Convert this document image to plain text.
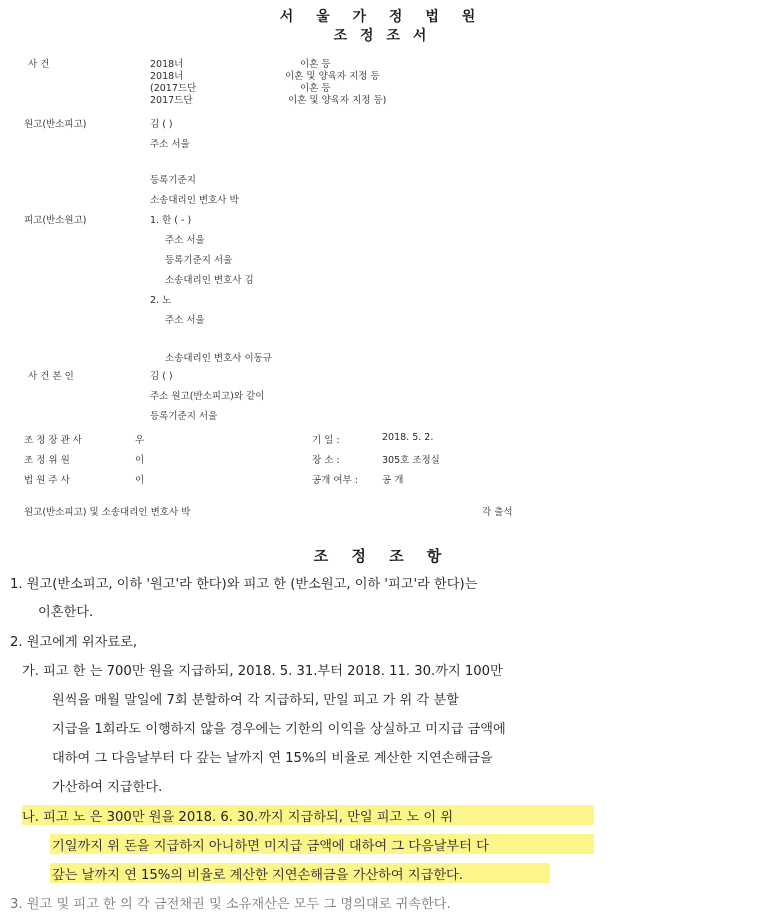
서 울 가 정 법 원
조 정 조 서
사 건	2018너	이혼 등
2018너	이혼 및 양육자 지정 등
(2017드단	이혼 등
2017드단	이혼 및 양육자 지정 등)
원고(반소피고)	김 ( )
주소 서울
등록기준지
소송대리인 변호사 박
피고(반소원고)	1. 한 ( - )
주소 서울
등록기준지 서울
소송대리인 변호사 김
2. 노
주소 서울
소송대리인 변호사 이동규
사 건 본 인	김 ( )
주소 원고(반소피고)와 같이
등록기준지 서울
조 정 장 관 사	우	기 일 :	2018. 5. 2.
조 정 위 원	이	장 소 :	305호 조정실
법 원 주 사	이	공개 여부 :	공 개
원고(반소피고) 및 소송대리인 변호사 박	각 출석
조 정 조 항
1. 원고(반소피고, 이하 '원고'라 한다)와 피고 한 (반소원고, 이하 '피고'라 한다)는
이혼한다.
2. 원고에게 위자료로,
가. 피고 한 는 700만 원을 지급하되, 2018. 5. 31.부터 2018. 11. 30.까지 100만
원씩을 매월 말일에 7회 분할하여 각 지급하되, 만일 피고 가 위 각 분할
지급을 1회라도 이행하지 않을 경우에는 기한의 이익을 상실하고 미지급 금액에
대하여 그 다음날부터 다 갚는 날까지 연 15%의 비율로 계산한 지연손해금을
가산하여 지급한다.
나. 피고 노 은 300만 원을 2018. 6. 30.까지 지급하되, 만일 피고 노 이 위
기일까지 위 돈을 지급하지 아니하면 미지급 금액에 대하여 그 다음날부터 다
갚는 날까지 연 15%의 비율로 계산한 지연손해금을 가산하여 지급한다.
3. 원고 및 피고 한 의 각 금전채권 및 소유재산은 모두 그 명의대로 귀속한다.
